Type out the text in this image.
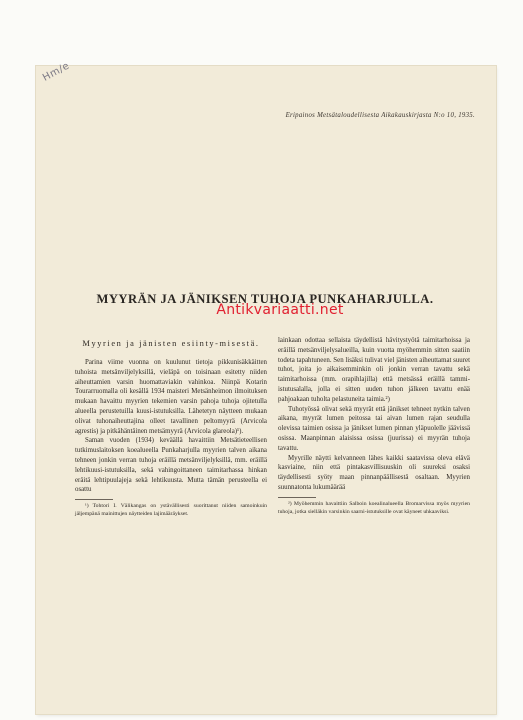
Hm/e
Eripainos Metsätaloudellisesta Aikakauskirjasta N:o 10, 1935.
MYYRÄN JA JÄNIKSEN TUHOJA PUNKAHARJULLA.
Antikvariaatti.net
Myyrien ja jänisten esiinty-misestä.

Parina viime vuonna on kuulunut tietoja pikkunisäkkäitten tuhoista metsänviljelyksillä, vieläpä on toisinaan esitetty niiden aiheuttamien varsin huomattaviakin vahinkoa. Niinpä Kotarin Tourarruomalla oli kesällä 1934 maisteri Metsänheimon ilmoituksen mukaan havaittu myyrien tekemien varsin pahoja tuhoja ojitetulla alueella perustetuilla kuusi-istutuksilla. Lähetetyn näytteen mukaan olivat tuhonaiheuttajina olleet tavallinen peltomyyrä (Arvicola agrestis) ja pitkähäntäinen metsämyyrä (Arvicola glareola)¹).

Saman vuoden (1934) keväällä havaittiin Metsätieteellisen tutkimuslaitoksen koealueella Punkaharjulla myyrien talven aikana tehneen jonkin verran tuhoja eräillä metsänviljelyksillä, mm. eräillä lehtikuusi-istutuksilla, sekä vahingoittaneen taimitarhassa hinkan eräitä lehtipuulajeja sekä lehtikuusta. Mutta tämän perusteella ei osattu

¹) Tohtori I. Välikangas on ystävällisesti suorittanut niiden samoinkuin jäljempänä mainittujen näytteiden lajimääräykset.

lainkaan odottaa sellaista täydellistä hävitystyötä taimitarhoissa ja eräillä metsänviljelysalueilla, kuin vuotta myöhemmin sitten saatiin todeta tapahtuneen. Sen lisäksi tulivat viel jänisten aiheuttamat suuret tuhot, joita jo aikaisemminkin oli jonkin verran tavattu sekä taimitarhoissa (mm. orapihlajilla) että metsässä eräillä tammi-istutusalalla, jolla ei sitten uuden tuhon jälkeen tavattu enää pahjoakaan tuholta pelastuneita taimia.²)

Tuhotyössä olivat sekä myyrät että jänikset tehneet nytkin talven aikana, myyrät lumen peitossa tai aivan lumen rajan seudulla olevissa taimien osissa ja jänikset lumen pinnan yläpuolelle jäävissä osissa. Maanpinnan alaisissa osissa (juurissa) ei myyrän tuhoja tavattu.

Myyrille näytti kelvanneen lähes kaikki saatavissa oleva elävä kasviaine, niin että pintakasvillisuuskin oli suureksi osaksi täydellisesti syöty maan pinnanpäällisestä osaltaan. Myyrien suunnatonta lukumäärää

²) Myöhemmin havaittiin Salboin koealinalueella Bromarvissa myös myyrien tuhoja, jotka sielläkin varsinkin saarni-istutuksille ovat käyneet uhkaaviksi.
